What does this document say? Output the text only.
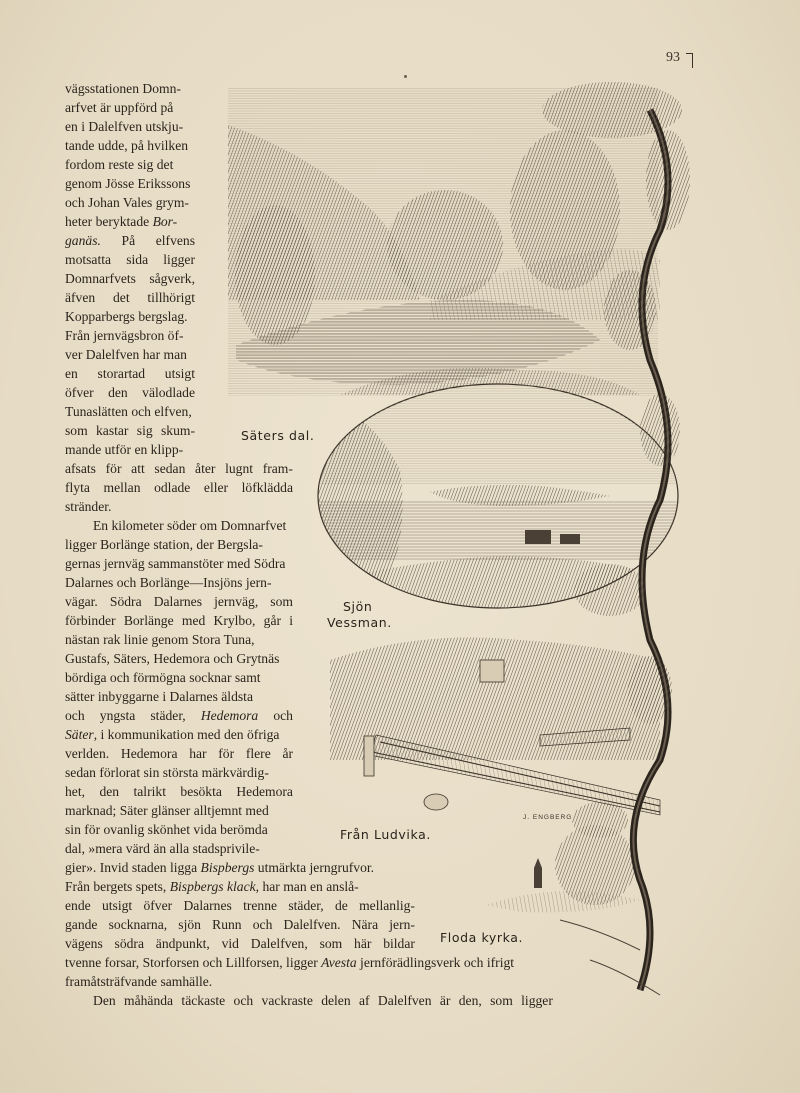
93
Säters dal.
Sjön
Vessman.
Från Ludvika.
Floda kyrka.
J. ENGBERG
vägsstationen Domn-
arfvet är uppförd på
en i Dalelfven utskju-
tande udde, på hvilken
fordom reste sig det
genom Jösse Erikssons
och Johan Vales grym-
heter beryktade Bor-
ganäs. På elfvens
motsatta sida ligger
Domnarfvets sågverk,
äfven det tillhörigt
Kopparbergs bergslag.
Från jernvägsbron öf-
ver Dalelfven har man
en storartad utsigt
öfver den välodlade
Tunaslätten och elfven,
som kastar sig skum-
mande utför en klipp-
afsats för att sedan åter lugnt fram-
flyta mellan odlade eller löfklädda
stränder.
En kilometer söder om Domnarfvet
ligger Borlänge station, der Bergsla-
gernas jernväg sammanstöter med Södra
Dalarnes och Borlänge—Insjöns jern-
vägar. Södra Dalarnes jernväg, som
förbinder Borlänge med Krylbo, går i
nästan rak linie genom Stora Tuna,
Gustafs, Säters, Hedemora och Grytnäs
bördiga och förmögna socknar samt
sätter inbyggarne i Dalarnes äldsta
och yngsta städer, Hedemora och
Säter, i kommunikation med den öfriga
verlden. Hedemora har för flere år
sedan förlorat sin största märkvärdig-
het, den talrikt besökta Hedemora
marknad; Säter glänser alltjemnt med
sin för ovanlig skönhet vida berömda
dal, »mera värd än alla stadsprivile-
gier». Invid staden ligga Bispbergs utmärkta jerngrufvor.
Från bergets spets, Bispbergs klack, har man en anslå-
ende utsigt öfver Dalarnes trenne städer, de mellanlig-
gande socknarna, sjön Runn och Dalelfven. Nära jern-
vägens södra ändpunkt, vid Dalelfven, som här bildar
tvenne forsar, Storforsen och Lillforsen, ligger Avesta jernförädlingsverk och ifrigt
framåtsträfvande samhälle.
Den måhända täckaste och vackraste delen af Dalelfven är den, som ligger
